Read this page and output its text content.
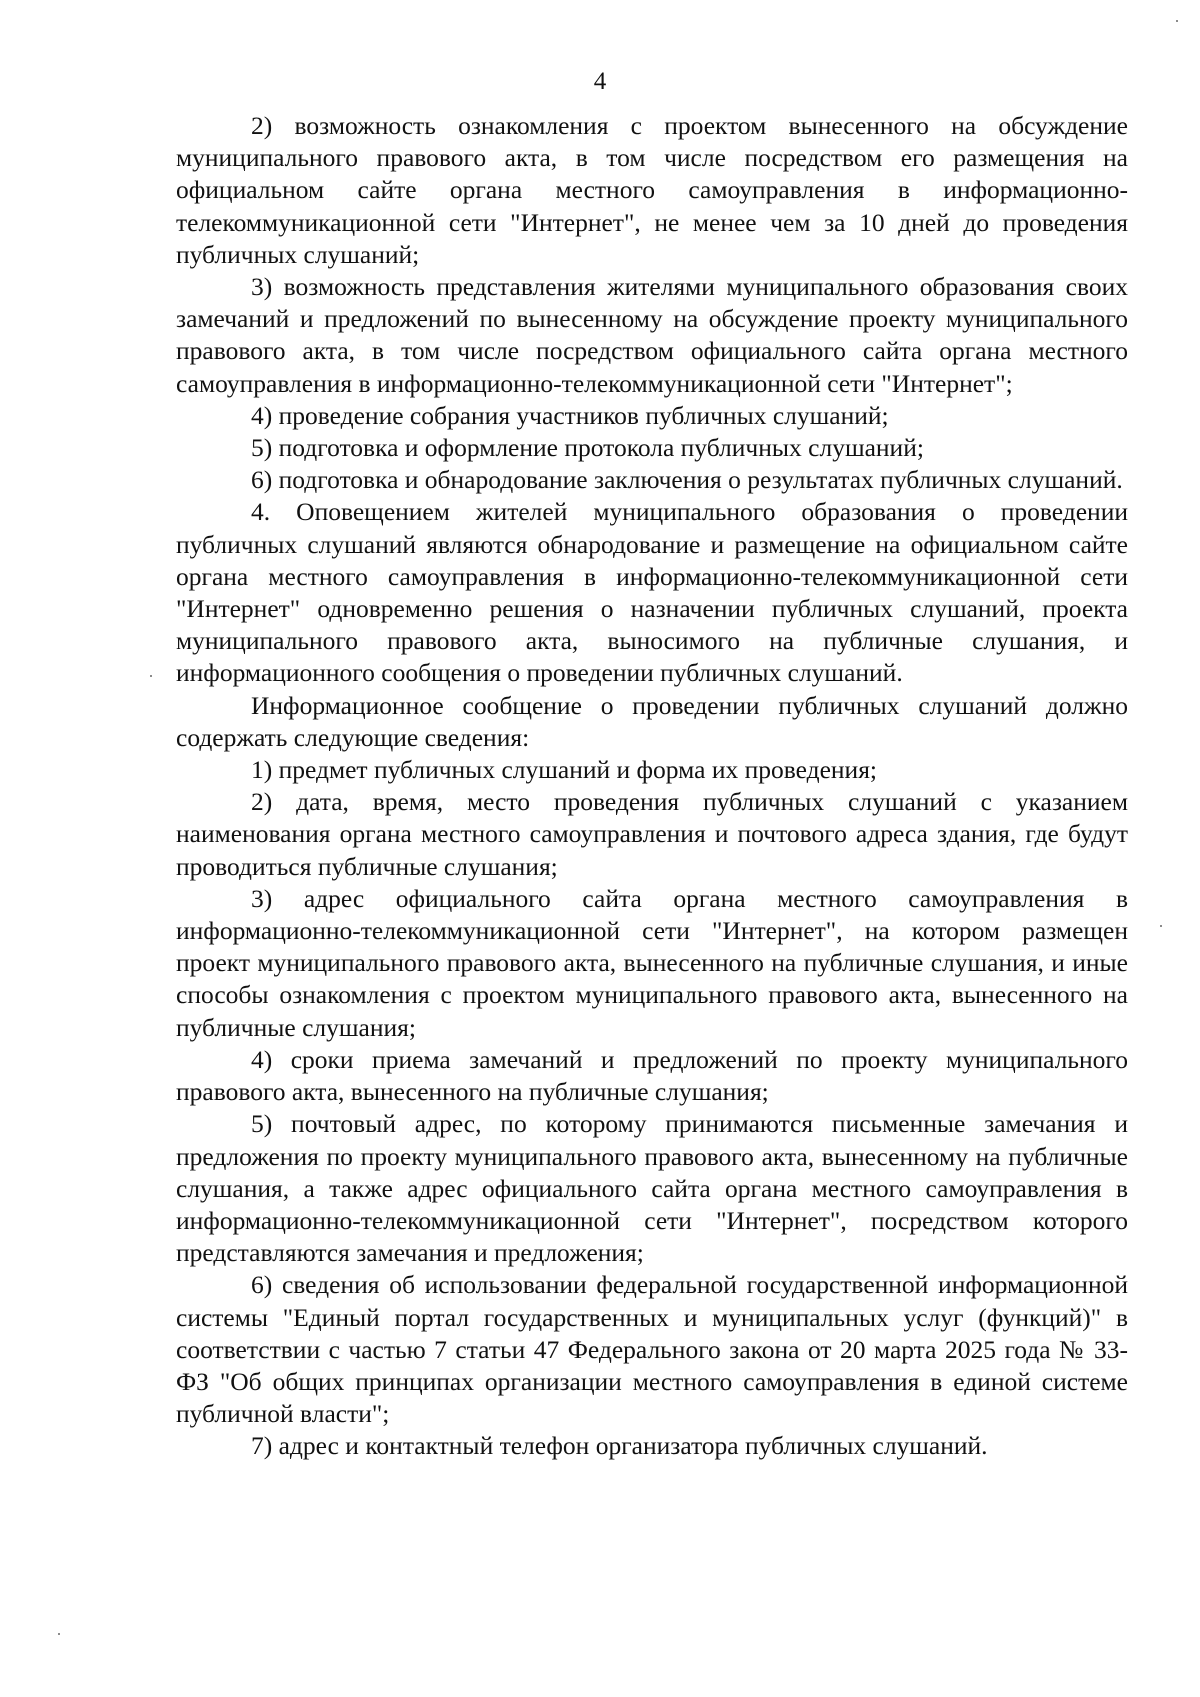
4

2) возможность ознакомления с проектом вынесенного на обсуждение муниципального правового акта, в том числе посредством его размещения на официальном сайте органа местного самоуправления в информационно-телекоммуникационной сети "Интернет", не менее чем за 10 дней до проведения публичных слушаний;

3) возможность представления жителями муниципального образования своих замечаний и предложений по вынесенному на обсуждение проекту муниципального правового акта, в том числе посредством официального сайта органа местного самоуправления в информационно-телекоммуникационной сети "Интернет";

4) проведение собрания участников публичных слушаний;

5) подготовка и оформление протокола публичных слушаний;

6) подготовка и обнародование заключения о результатах публичных слушаний.

4. Оповещением жителей муниципального образования о проведении публичных слушаний являются обнародование и размещение на официальном сайте органа местного самоуправления в информационно-телекоммуникационной сети "Интернет" одновременно решения о назначении публичных слушаний, проекта муниципального правового акта, выносимого на публичные слушания, и информационного сообщения о проведении публичных слушаний.

Информационное сообщение о проведении публичных слушаний должно содержать следующие сведения:

1) предмет публичных слушаний и форма их проведения;

2) дата, время, место проведения публичных слушаний с указанием наименования органа местного самоуправления и почтового адреса здания, где будут проводиться публичные слушания;

3) адрес официального сайта органа местного самоуправления в информационно-телекоммуникационной сети "Интернет", на котором размещен проект муниципального правового акта, вынесенного на публичные слушания, и иные способы ознакомления с проектом муниципального правового акта, вынесенного на публичные слушания;

4) сроки приема замечаний и предложений по проекту муниципального правового акта, вынесенного на публичные слушания;

5) почтовый адрес, по которому принимаются письменные замечания и предложения по проекту муниципального правового акта, вынесенному на публичные слушания, а также адрес официального сайта органа местного самоуправления в информационно-телекоммуникационной сети "Интернет", посредством которого представляются замечания и предложения;

6) сведения об использовании федеральной государственной информационной системы "Единый портал государственных и муниципальных услуг (функций)" в соответствии с частью 7 статьи 47 Федерального закона от 20 марта 2025 года № 33-ФЗ "Об общих принципах организации местного самоуправления в единой системе публичной власти";

7) адрес и контактный телефон организатора публичных слушаний.
